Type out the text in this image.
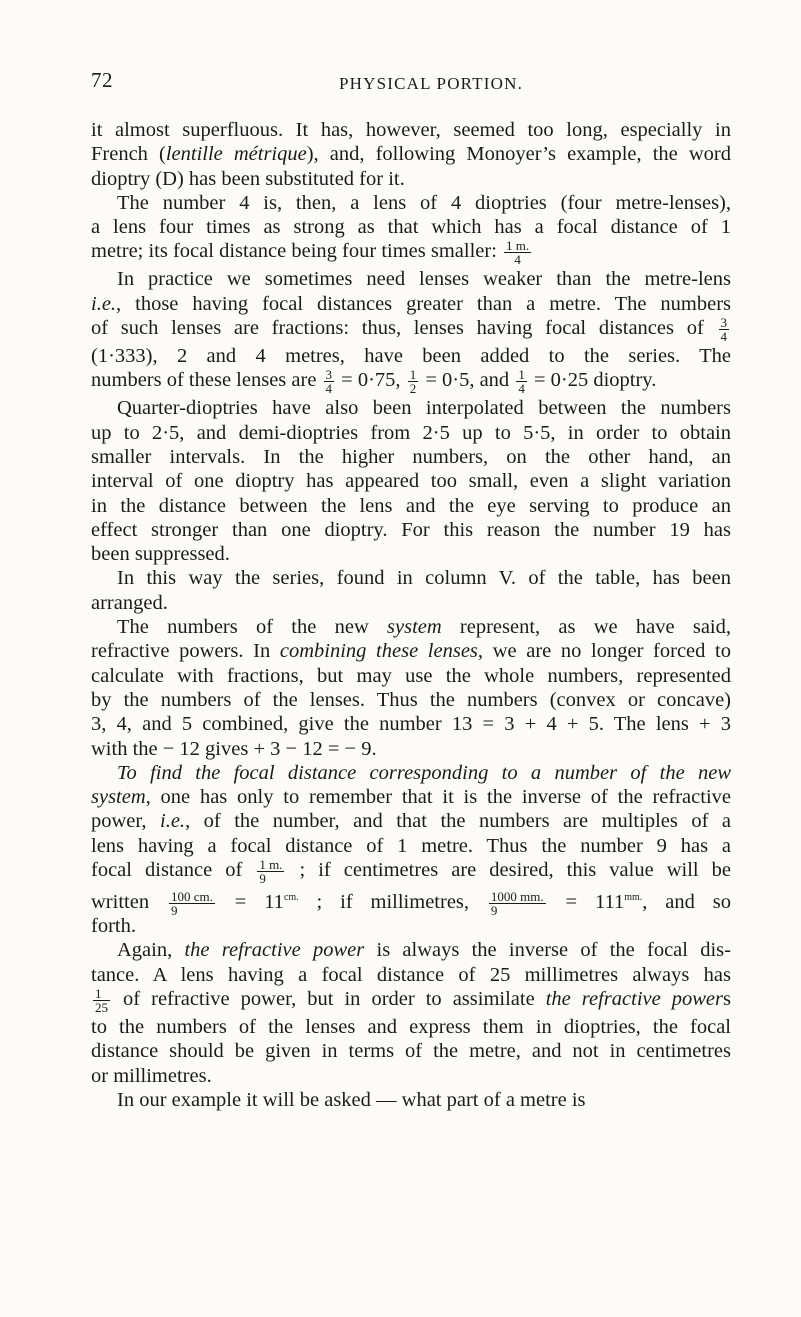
72	PHYSICAL PORTION.
it almost superfluous. It has, however, seemed too long, especially in
French (lentille métrique), and, following Monoyer’s example, the word
dioptry (D) has been substituted for it.
The number 4 is, then, a lens of 4 dioptries (four metre-lenses),
a lens four times as strong as that which has a focal distance of 1
metre; its focal distance being four times smaller: $\frac{1 m.}{4}$
In practice we sometimes need lenses weaker than the metre-lens
i.e., those having focal distances greater than a metre. The numbers
of such lenses are fractions: thus, lenses having focal distances of $\frac{3}{4}$
(1·333), 2 and 4 metres, have been added to the series. The
numbers of these lenses are $\frac{3}{4} = 0\cdot 75$, $\frac{1}{2} = 0\cdot 5$, and $\frac{1}{4} = 0\cdot 25$ dioptry.
Quarter-dioptries have also been interpolated between the numbers
up to 2·5, and demi-dioptries from 2·5 up to 5·5, in order to obtain
smaller intervals. In the higher numbers, on the other hand, an
interval of one dioptry has appeared too small, even a slight variation
in the distance between the lens and the eye serving to produce an
effect stronger than one dioptry. For this reason the number 19 has
been suppressed.
In this way the series, found in column V. of the table, has been
arranged.
The numbers of the new system represent, as we have said,
refractive powers. In combining these lenses, we are no longer forced to
calculate with fractions, but may use the whole numbers, represented
by the numbers of the lenses. Thus the numbers (convex or concave)
3, 4, and 5 combined, give the number 13 = 3 + 4 + 5. The lens + 3
with the − 12 gives + 3 − 12 = − 9.
To find the focal distance corresponding to a number of the new
system, one has only to remember that it is the inverse of the refractive
power, i.e., of the number, and that the numbers are multiples of a
lens having a focal distance of 1 metre. Thus the number 9 has a
focal distance of $\frac{1 m.}{9}$ ; if centimetres are desired, this value will be
written $\frac{100 cm.}{9} = 11^{cm.}$ ; if millimetres, $\frac{1000 mm.}{9} = 111^{mm.}$, and so
forth.
Again, the refractive power is always the inverse of the focal dis-
tance. A lens having a focal distance of 25 millimetres always has
$\frac{1}{25}$ of refractive power, but in order to assimilate the refractive powers
to the numbers of the lenses and express them in dioptries, the focal
distance should be given in terms of the metre, and not in centimetres
or millimetres.
In our example it will be asked — what part of a metre is
